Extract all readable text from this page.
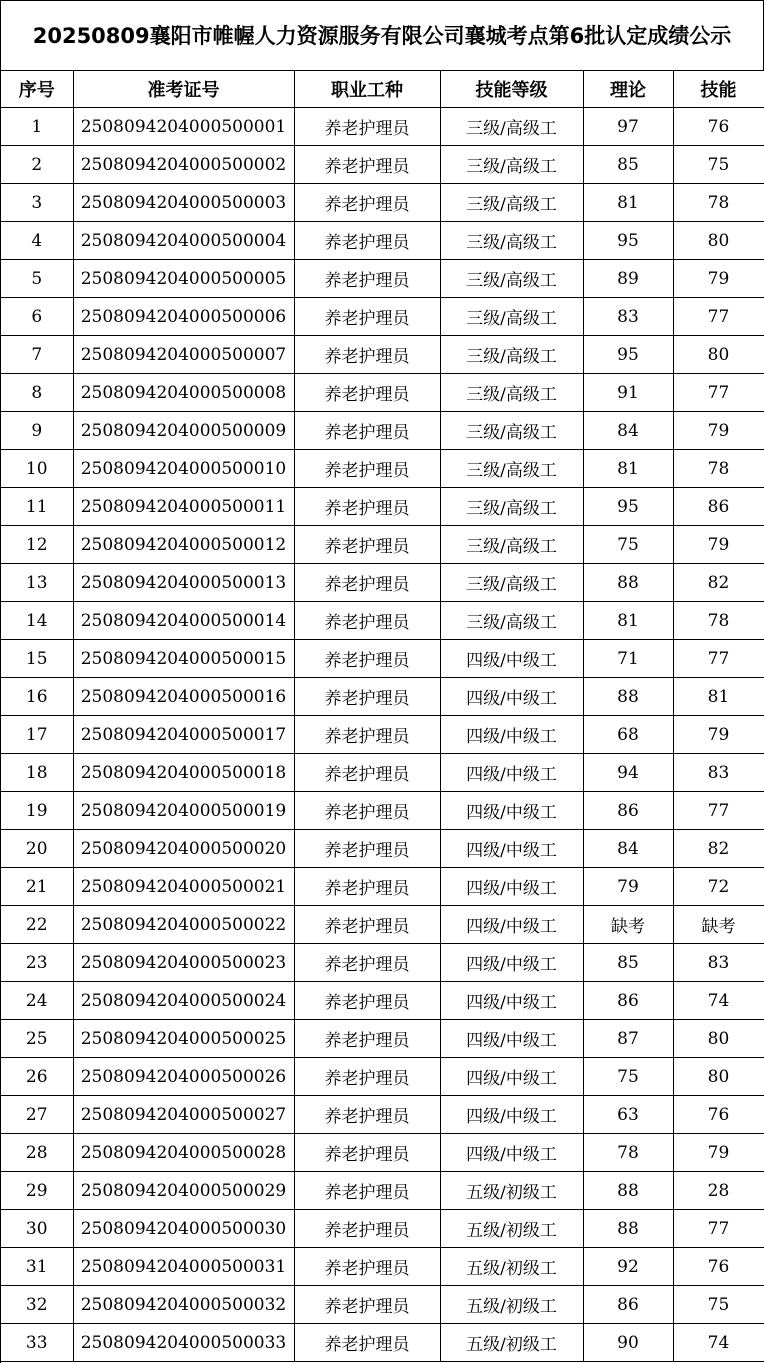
20250809襄阳市帷幄人力资源服务有限公司襄城考点第6批认定成绩公示
序号	准考证号	职业工种	技能等级	理论	技能
1	2508094204000500001	养老护理员	三级/高级工	97	76
2	2508094204000500002	养老护理员	三级/高级工	85	75
3	2508094204000500003	养老护理员	三级/高级工	81	78
4	2508094204000500004	养老护理员	三级/高级工	95	80
5	2508094204000500005	养老护理员	三级/高级工	89	79
6	2508094204000500006	养老护理员	三级/高级工	83	77
7	2508094204000500007	养老护理员	三级/高级工	95	80
8	2508094204000500008	养老护理员	三级/高级工	91	77
9	2508094204000500009	养老护理员	三级/高级工	84	79
10	2508094204000500010	养老护理员	三级/高级工	81	78
11	2508094204000500011	养老护理员	三级/高级工	95	86
12	2508094204000500012	养老护理员	三级/高级工	75	79
13	2508094204000500013	养老护理员	三级/高级工	88	82
14	2508094204000500014	养老护理员	三级/高级工	81	78
15	2508094204000500015	养老护理员	四级/中级工	71	77
16	2508094204000500016	养老护理员	四级/中级工	88	81
17	2508094204000500017	养老护理员	四级/中级工	68	79
18	2508094204000500018	养老护理员	四级/中级工	94	83
19	2508094204000500019	养老护理员	四级/中级工	86	77
20	2508094204000500020	养老护理员	四级/中级工	84	82
21	2508094204000500021	养老护理员	四级/中级工	79	72
22	2508094204000500022	养老护理员	四级/中级工	缺考	缺考
23	2508094204000500023	养老护理员	四级/中级工	85	83
24	2508094204000500024	养老护理员	四级/中级工	86	74
25	2508094204000500025	养老护理员	四级/中级工	87	80
26	2508094204000500026	养老护理员	四级/中级工	75	80
27	2508094204000500027	养老护理员	四级/中级工	63	76
28	2508094204000500028	养老护理员	四级/中级工	78	79
29	2508094204000500029	养老护理员	五级/初级工	88	28
30	2508094204000500030	养老护理员	五级/初级工	88	77
31	2508094204000500031	养老护理员	五级/初级工	92	76
32	2508094204000500032	养老护理员	五级/初级工	86	75
33	2508094204000500033	养老护理员	五级/初级工	90	74
